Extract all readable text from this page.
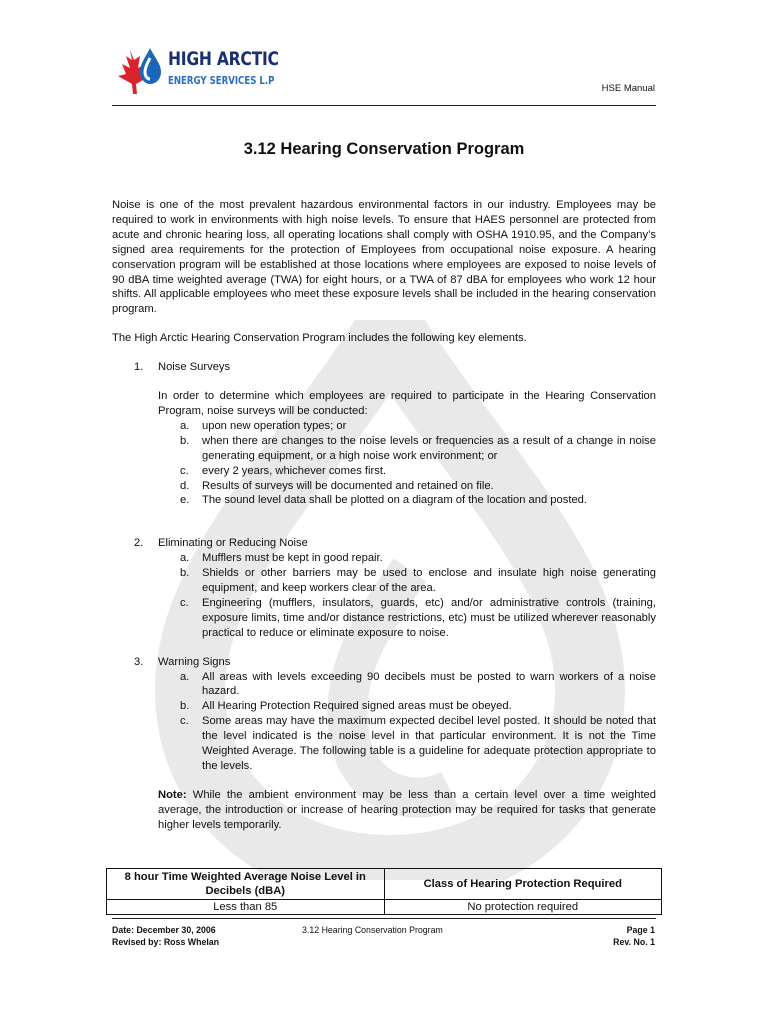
HIGH ARCTIC
ENERGY SERVICES L.P
HSE Manual
3.12 Hearing Conservation Program

Noise is one of the most prevalent hazardous environmental factors in our industry. Employees may be required to work in environments with high noise levels. To ensure that HAES personnel are protected from acute and chronic hearing loss, all operating locations shall comply with OSHA 1910.95, and the Company’s signed area requirements for the protection of Employees from occupational noise exposure. A hearing conservation program will be established at those locations where employees are exposed to noise levels of 90 dBA time weighted average (TWA) for eight hours, or a TWA of 87 dBA for employees who work 12 hour shifts. All applicable employees who meet these exposure levels shall be included in the hearing conservation program.

The High Arctic Hearing Conservation Program includes the following key elements.

1.	Noise Surveys

In order to determine which employees are required to participate in the Hearing Conservation Program, noise surveys will be conducted:

a.	upon new operation types; or
b.	when there are changes to the noise levels or frequencies as a result of a change in noise generating equipment, or a high noise work environment; or
c.	every 2 years, whichever comes first.
d.	Results of surveys will be documented and retained on file.
e.	The sound level data shall be plotted on a diagram of the location and posted.
2.	Eliminating or Reducing Noise
a.	Mufflers must be kept in good repair.
b.	Shields or other barriers may be used to enclose and insulate high noise generating equipment, and keep workers clear of the area.
c.	Engineering (mufflers, insulators, guards, etc) and/or administrative controls (training, exposure limits, time and/or distance restrictions, etc) must be utilized wherever reasonably practical to reduce or eliminate exposure to noise.
3.	Warning Signs
a.	All areas with levels exceeding 90 decibels must be posted to warn workers of a noise hazard.
b.	All Hearing Protection Required signed areas must be obeyed.
c.	Some areas may have the maximum expected decibel level posted. It should be noted that the level indicated is the noise level in that particular environment. It is not the Time Weighted Average. The following table is a guideline for adequate protection appropriate to the levels.

Note: While the ambient environment may be less than a certain level over a time weighted average, the introduction or increase of hearing protection may be required for tasks that generate higher levels temporarily.

8 hour Time Weighted Average Noise Level in Decibels (dBA)	Class of Hearing Protection Required
Less than 85	No protection required
Date: December 30, 2006
Revised by: Ross Whelan
3.12 Hearing Conservation Program	Page 1
Rev. No. 1
